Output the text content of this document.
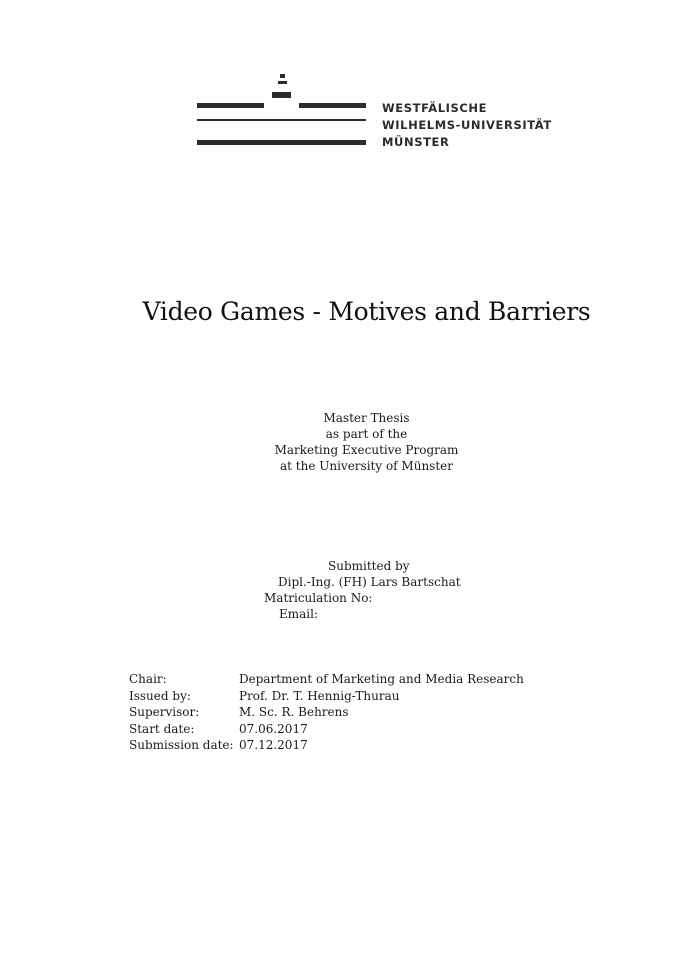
WESTFÄLISCHE
WILHELMS-UNIVERSITÄT
MÜNSTER
Video Games - Motives and Barriers
Master Thesis
as part of the
Marketing Executive Program
at the University of Münster
Submitted by
Dipl.-Ing. (FH) Lars Bartschat
Matriculation No:
Email:
Chair:	Department of Marketing and Media Research
Issued by:	Prof. Dr. T. Hennig-Thurau
Supervisor:	M. Sc. R. Behrens
Start date:	07.06.2017
Submission date:	07.12.2017
